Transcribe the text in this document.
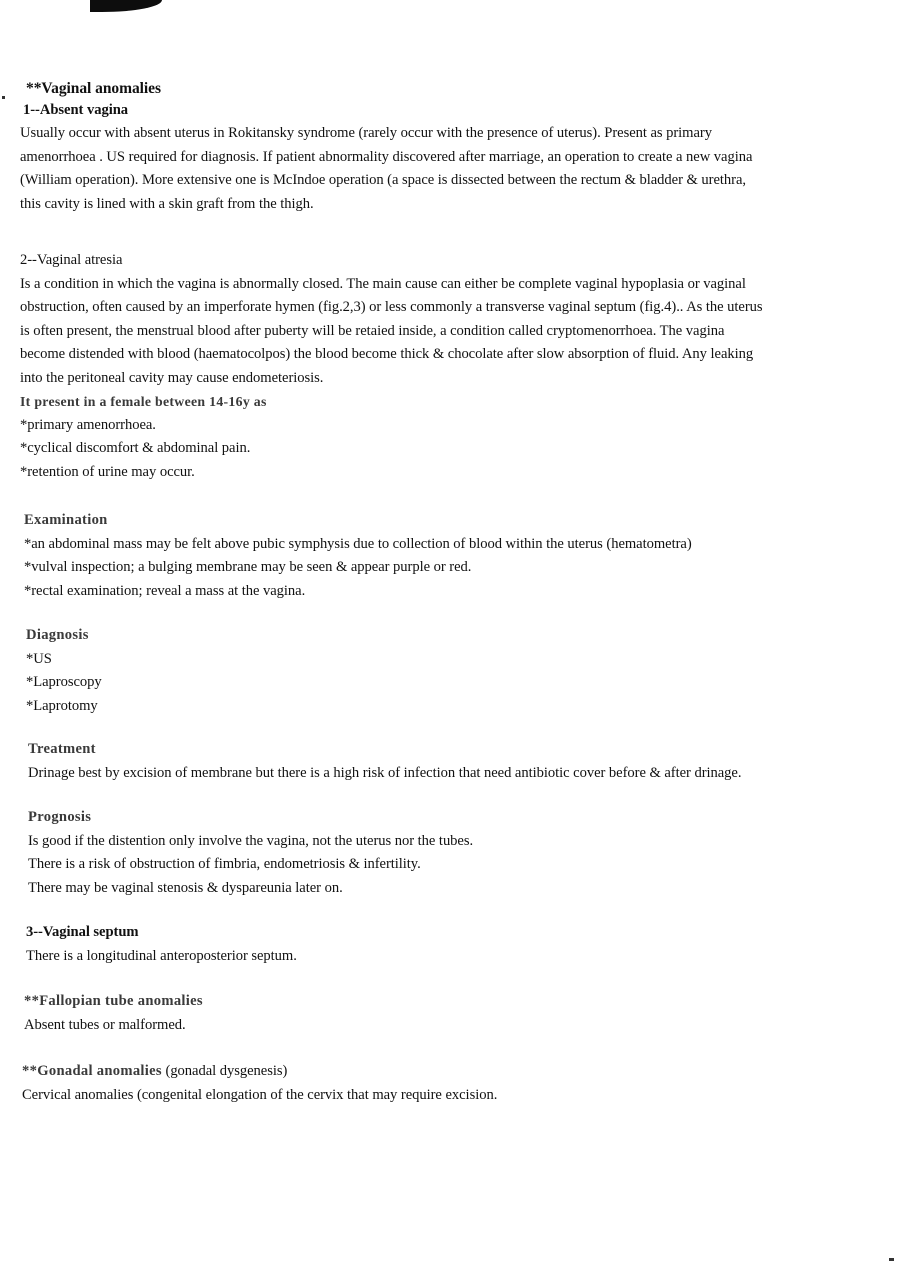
**Vaginal anomalies
1--Absent vagina
Usually occur with absent uterus in Rokitansky syndrome (rarely occur with the presence of uterus). Present as primary
amenorrhoea . US required for diagnosis. If patient abnormality discovered after marriage, an operation to create a new vagina
(William operation). More extensive one is McIndoe operation (a space is dissected between the rectum & bladder & urethra,
this cavity is lined with a skin graft from the thigh.
2--Vaginal atresia
Is a condition in which the vagina is abnormally closed. The main cause can either be complete vaginal hypoplasia or vaginal
obstruction, often caused by an imperforate hymen (fig.2,3) or less commonly a transverse vaginal septum (fig.4).. As the uterus
is often present, the menstrual blood after puberty will be retaied inside, a condition called cryptomenorrhoea. The vagina
become distended with blood (haematocolpos) the blood become thick & chocolate after slow absorption of fluid. Any leaking
into the peritoneal cavity may cause endometeriosis.
It present in a female between 14-16y as
*primary amenorrhoea.
*cyclical discomfort & abdominal pain.
*retention of urine may occur.
Examination
*an abdominal mass may be felt above pubic symphysis due to collection of blood within the uterus (hematometra)
*vulval inspection; a bulging membrane may be seen & appear purple or red.
*rectal examination; reveal a mass at the vagina.
Diagnosis
*US
*Laproscopy
*Laprotomy
Treatment
Drinage best by excision of membrane but there is a high risk of infection that need antibiotic cover before & after drinage.
Prognosis
Is good if the distention only involve the vagina, not the uterus nor the tubes.
There is a risk of obstruction of fimbria, endometriosis & infertility.
There may be vaginal stenosis & dyspareunia later on.
3--Vaginal septum
There is a longitudinal anteroposterior septum.
**Fallopian tube anomalies
Absent tubes or malformed.
**Gonadal anomalies (gonadal dysgenesis)
Cervical anomalies (congenital elongation of the cervix that may require excision.
